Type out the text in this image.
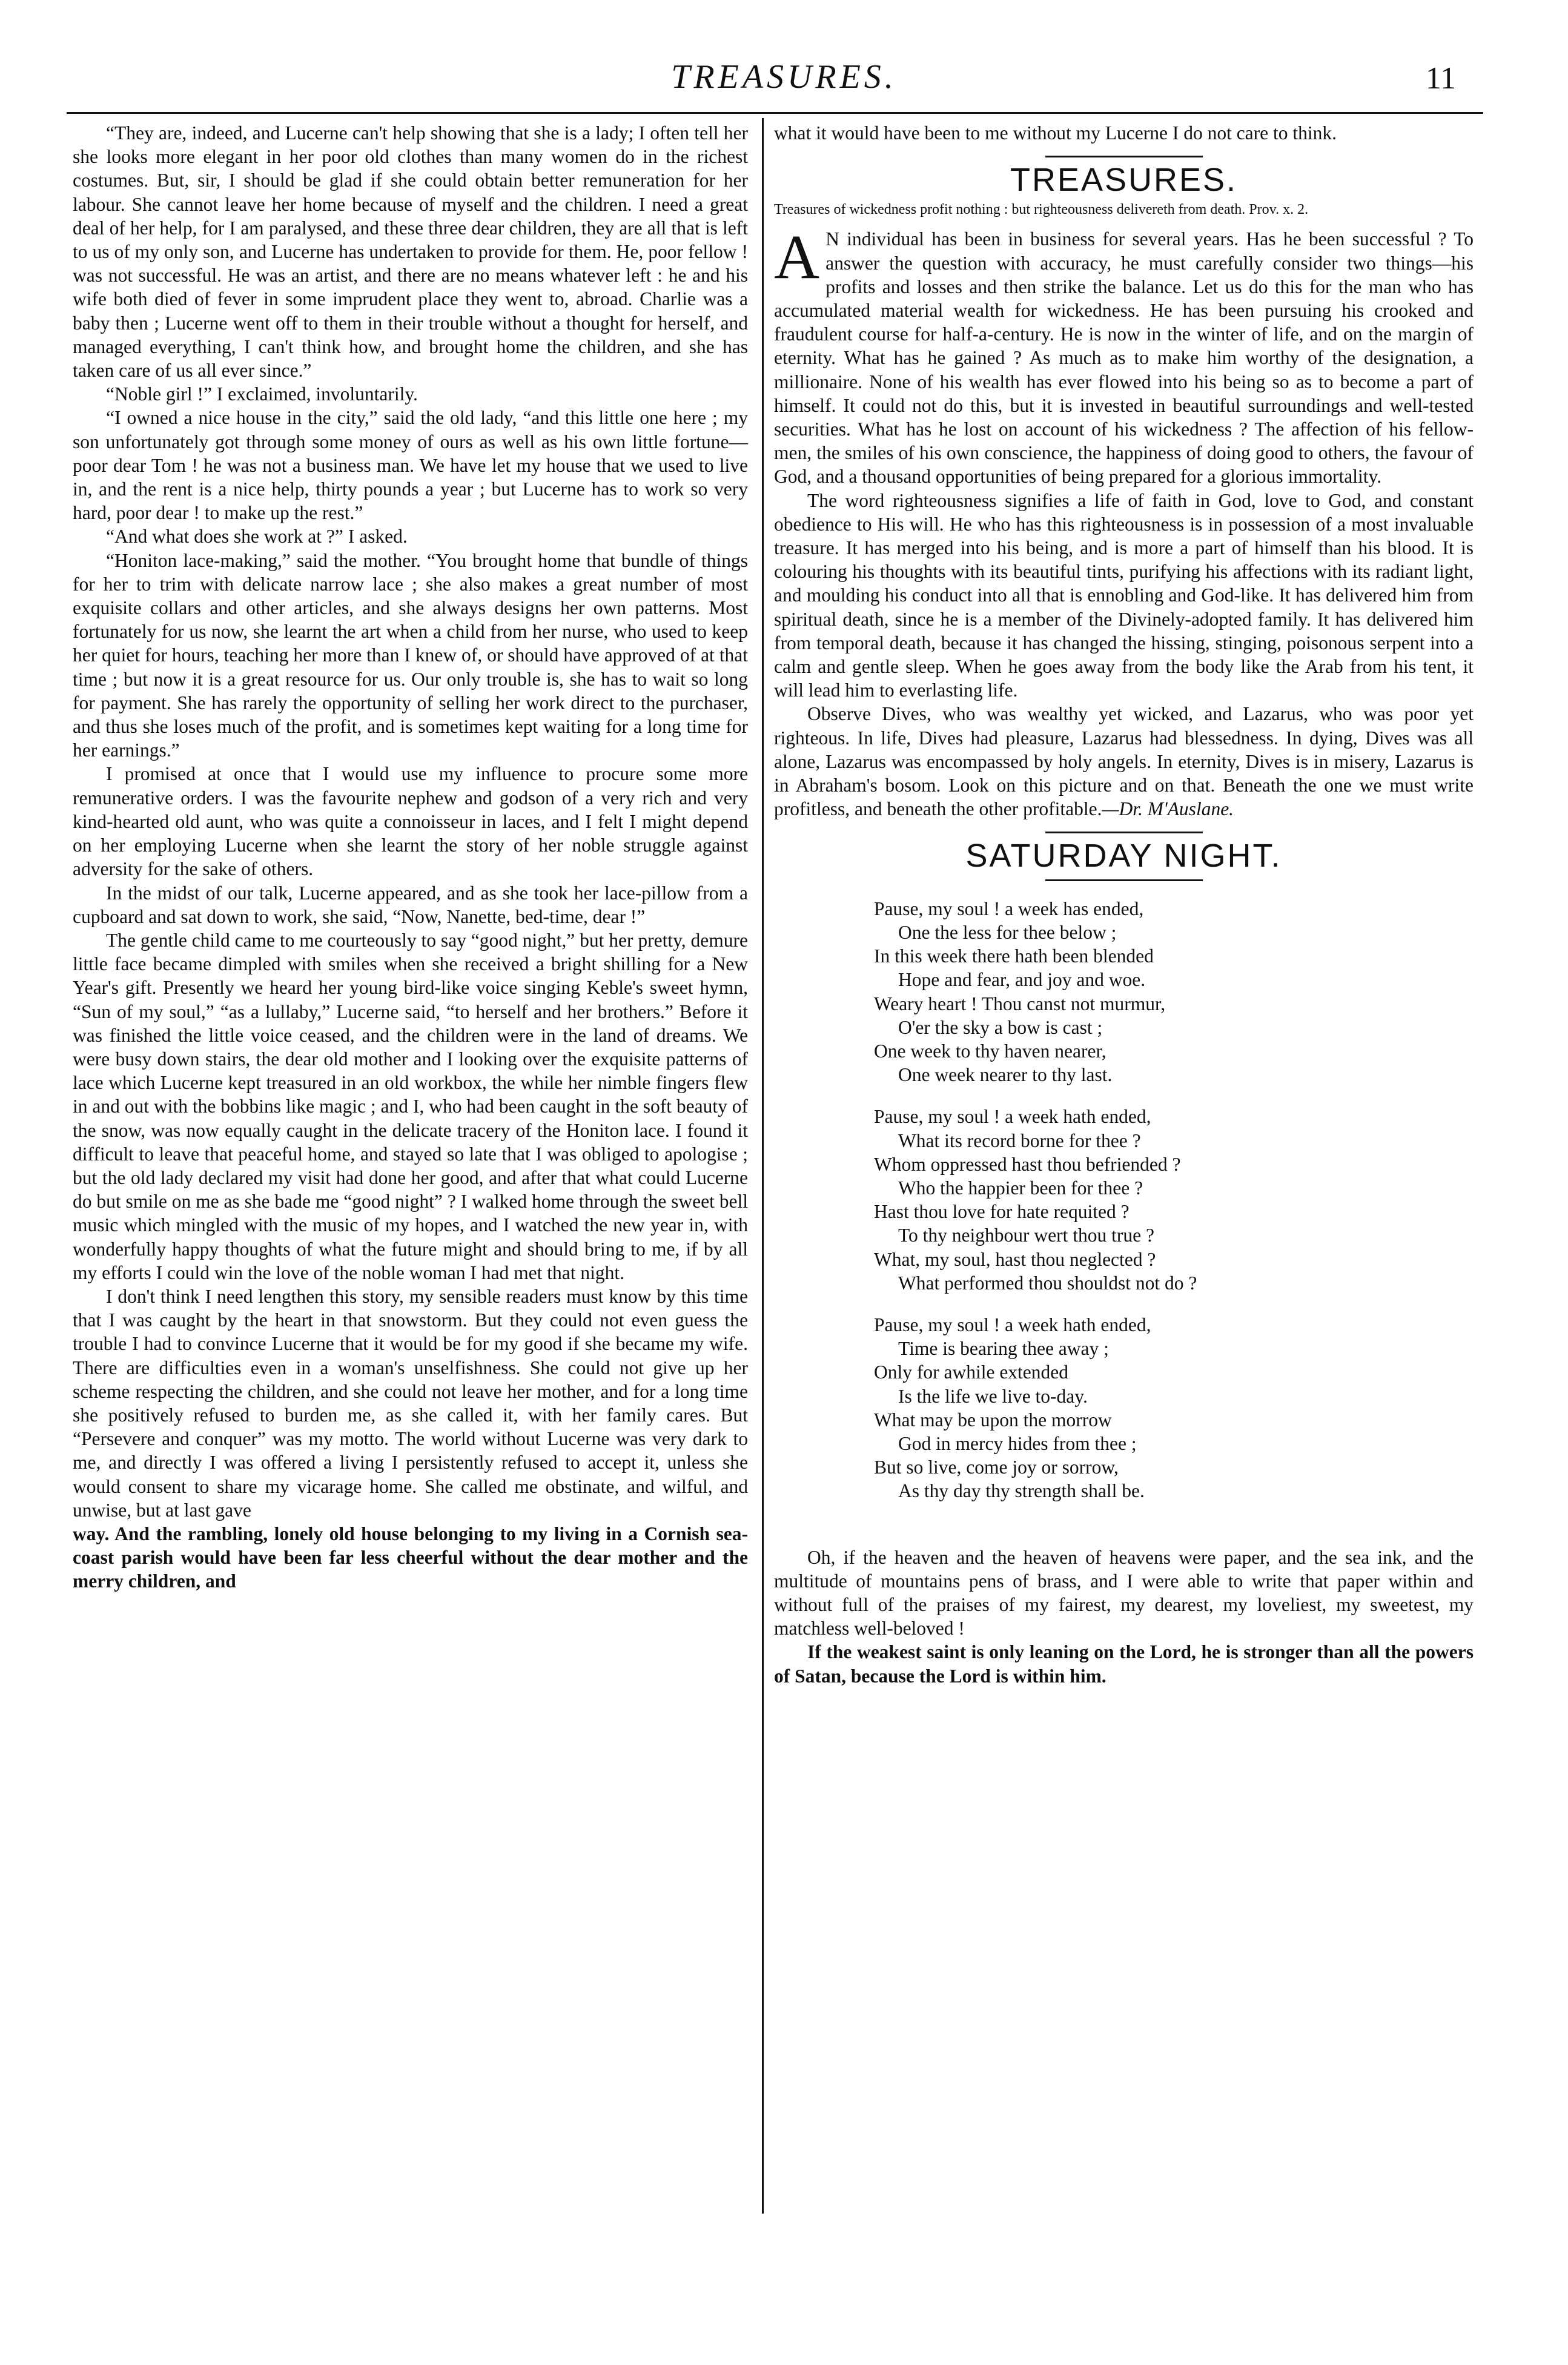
TREASURES.	11

“They are, indeed, and Lucerne can't help showing that she is a lady; I often tell her she looks more elegant in her poor old clothes than many women do in the richest costumes. But, sir, I should be glad if she could obtain better remuneration for her labour. She cannot leave her home because of myself and the children. I need a great deal of her help, for I am paralysed, and these three dear children, they are all that is left to us of my only son, and Lucerne has undertaken to provide for them. He, poor fellow ! was not successful. He was an artist, and there are no means whatever left : he and his wife both died of fever in some imprudent place they went to, abroad. Charlie was a baby then ; Lucerne went off to them in their trouble without a thought for herself, and managed everything, I can't think how, and brought home the children, and she has taken care of us all ever since.”

“Noble girl !” I exclaimed, involuntarily.

“I owned a nice house in the city,” said the old lady, “and this little one here ; my son unfortunately got through some money of ours as well as his own little fortune—poor dear Tom ! he was not a business man. We have let my house that we used to live in, and the rent is a nice help, thirty pounds a year ; but Lucerne has to work so very hard, poor dear ! to make up the rest.”

“And what does she work at ?” I asked.

“Honiton lace-making,” said the mother. “You brought home that bundle of things for her to trim with delicate narrow lace ; she also makes a great number of most exquisite collars and other articles, and she always designs her own patterns. Most fortunately for us now, she learnt the art when a child from her nurse, who used to keep her quiet for hours, teaching her more than I knew of, or should have approved of at that time ; but now it is a great resource for us. Our only trouble is, she has to wait so long for payment. She has rarely the opportunity of selling her work direct to the purchaser, and thus she loses much of the profit, and is sometimes kept waiting for a long time for her earnings.”

I promised at once that I would use my influence to procure some more remunerative orders. I was the favourite nephew and godson of a very rich and very kind-hearted old aunt, who was quite a connoisseur in laces, and I felt I might depend on her employing Lucerne when she learnt the story of her noble struggle against adversity for the sake of others.

In the midst of our talk, Lucerne appeared, and as she took her lace-pillow from a cupboard and sat down to work, she said, “Now, Nanette, bed-time, dear !”

The gentle child came to me courteously to say “good night,” but her pretty, demure little face became dimpled with smiles when she received a bright shilling for a New Year's gift. Presently we heard her young bird-like voice singing Keble's sweet hymn, “Sun of my soul,” “as a lullaby,” Lucerne said, “to herself and her brothers.” Before it was finished the little voice ceased, and the children were in the land of dreams. We were busy down stairs, the dear old mother and I looking over the exquisite patterns of lace which Lucerne kept treasured in an old workbox, the while her nimble fingers flew in and out with the bobbins like magic ; and I, who had been caught in the soft beauty of the snow, was now equally caught in the delicate tracery of the Honiton lace. I found it difficult to leave that peaceful home, and stayed so late that I was obliged to apologise ; but the old lady declared my visit had done her good, and after that what could Lucerne do but smile on me as she bade me “good night” ? I walked home through the sweet bell music which mingled with the music of my hopes, and I watched the new year in, with wonderfully happy thoughts of what the future might and should bring to me, if by all my efforts I could win the love of the noble woman I had met that night.

I don't think I need lengthen this story, my sensible readers must know by this time that I was caught by the heart in that snowstorm. But they could not even guess the trouble I had to convince Lucerne that it would be for my good if she became my wife. There are difficulties even in a woman's unselfishness. She could not give up her scheme respecting the children, and she could not leave her mother, and for a long time she positively refused to burden me, as she called it, with her family cares. But “Persevere and conquer” was my motto. The world without Lucerne was very dark to me, and directly I was offered a living I persistently refused to accept it, unless she would consent to share my vicarage home. She called me obstinate, and wilful, and unwise, but at last gave

way. And the rambling, lonely old house belonging to my living in a Cornish sea-coast parish would have been far less cheerful without the dear mother and the merry children, and

what it would have been to me without my Lucerne I do not care to think.

TREASURES.
Treasures of wickedness profit nothing : but righteousness delivereth from death. Prov. x. 2.

A N individual has been in business for several years. Has he been successful ? To answer the question with accuracy, he must carefully consider two things—his profits and losses and then strike the balance. Let us do this for the man who has accumulated material wealth for wickedness. He has been pursuing his crooked and fraudulent course for half-a-century. He is now in the winter of life, and on the margin of eternity. What has he gained ? As much as to make him worthy of the designation, a millionaire. None of his wealth has ever flowed into his being so as to become a part of himself. It could not do this, but it is invested in beautiful surroundings and well-tested securities. What has he lost on account of his wickedness ? The affection of his fellow-men, the smiles of his own conscience, the happiness of doing good to others, the favour of God, and a thousand opportunities of being prepared for a glorious immortality.

The word righteousness signifies a life of faith in God, love to God, and constant obedience to His will. He who has this righteousness is in possession of a most invaluable treasure. It has merged into his being, and is more a part of himself than his blood. It is colouring his thoughts with its beautiful tints, purifying his affections with its radiant light, and moulding his conduct into all that is ennobling and God-like. It has delivered him from spiritual death, since he is a member of the Divinely-adopted family. It has delivered him from temporal death, because it has changed the hissing, stinging, poisonous serpent into a calm and gentle sleep. When he goes away from the body like the Arab from his tent, it will lead him to everlasting life.

Observe Dives, who was wealthy yet wicked, and Lazarus, who was poor yet righteous. In life, Dives had pleasure, Lazarus had blessedness. In dying, Dives was all alone, Lazarus was encompassed by holy angels. In eternity, Dives is in misery, Lazarus is in Abraham's bosom. Look on this picture and on that. Beneath the one we must write profitless, and beneath the other profitable.—Dr. M'Auslane.

SATURDAY NIGHT.
Pause, my soul ! a week has ended,
One the less for thee below ;
In this week there hath been blended
Hope and fear, and joy and woe.
Weary heart ! Thou canst not murmur,
O'er the sky a bow is cast ;
One week to thy haven nearer,
One week nearer to thy last.
Pause, my soul ! a week hath ended,
What its record borne for thee ?
Whom oppressed hast thou befriended ?
Who the happier been for thee ?
Hast thou love for hate requited ?
To thy neighbour wert thou true ?
What, my soul, hast thou neglected ?
What performed thou shouldst not do ?
Pause, my soul ! a week hath ended,
Time is bearing thee away ;
Only for awhile extended
Is the life we live to-day.
What may be upon the morrow
God in mercy hides from thee ;
But so live, come joy or sorrow,
As thy day thy strength shall be.

Oh, if the heaven and the heaven of heavens were paper, and the sea ink, and the multitude of mountains pens of brass, and I were able to write that paper within and without full of the praises of my fairest, my dearest, my loveliest, my sweetest, my matchless well-beloved !

If the weakest saint is only leaning on the Lord, he is stronger than all the powers of Satan, because the Lord is within him.
